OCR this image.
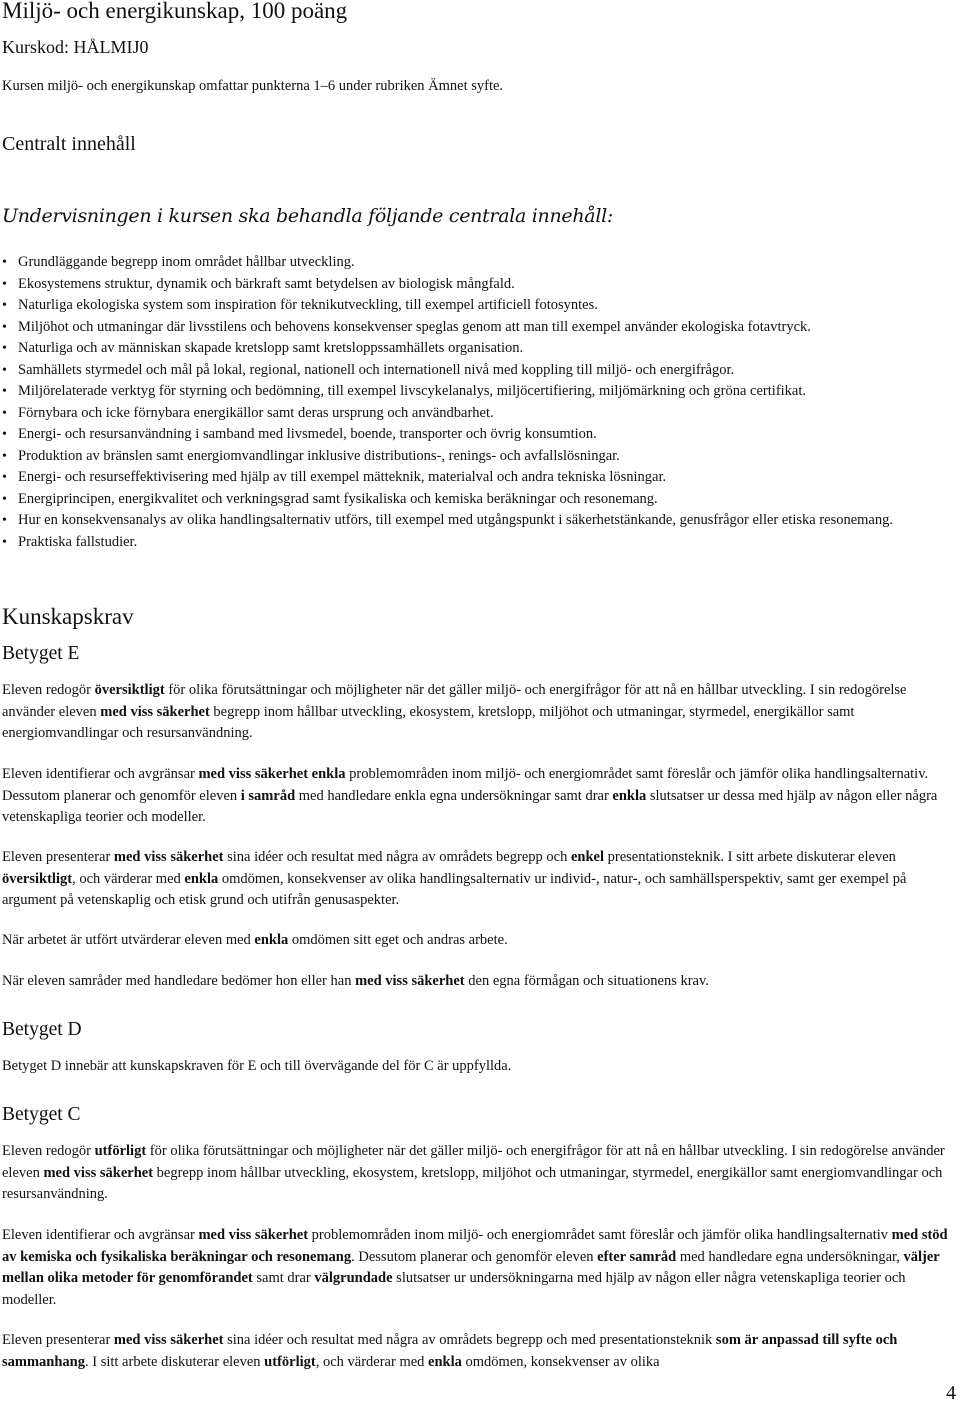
Miljö- och energikunskap, 100 poäng
Kurskod: HÅLMIJ0
Kursen miljö- och energikunskap omfattar punkterna 1–6 under rubriken Ämnet syfte.
Centralt innehåll
Undervisningen i kursen ska behandla följande centrala innehåll:
• Grundläggande begrepp inom området hållbar utveckling.
• Ekosystemens struktur, dynamik och bärkraft samt betydelsen av biologisk mångfald.
• Naturliga ekologiska system som inspiration för teknikutveckling, till exempel artificiell fotosyntes.
• Miljöhot och utmaningar där livsstilens och behovens konsekvenser speglas genom att man till exempel använder ekologiska fotavtryck.
• Naturliga och av människan skapade kretslopp samt kretsloppssamhällets organisation.
• Samhällets styrmedel och mål på lokal, regional, nationell och internationell nivå med koppling till miljö- och energifrågor.
• Miljörelaterade verktyg för styrning och bedömning, till exempel livscykelanalys, miljöcertifiering, miljömärkning och gröna certifikat.
• Förnybara och icke förnybara energikällor samt deras ursprung och användbarhet.
• Energi- och resursanvändning i samband med livsmedel, boende, transporter och övrig konsumtion.
• Produktion av bränslen samt energiomvandlingar inklusive distributions-, renings- och avfallslösningar.
• Energi- och resurseffektivisering med hjälp av till exempel mätteknik, materialval och andra tekniska lösningar.
• Energiprincipen, energikvalitet och verkningsgrad samt fysikaliska och kemiska beräkningar och resonemang.
• Hur en konsekvensanalys av olika handlingsalternativ utförs, till exempel med utgångspunkt i säkerhetstänkande, genusfrågor eller etiska resonemang.
• Praktiska fallstudier.
Kunskapskrav
Betyget E

Eleven redogör översiktligt för olika förutsättningar och möjligheter när det gäller miljö- och energifrågor för att nå en hållbar utveckling. I sin redogörelse använder eleven med viss säkerhet begrepp inom hållbar utveckling, ekosystem, kretslopp, miljöhot och utmaningar, styrmedel, energikällor samt energiomvandlingar och resursanvändning.

Eleven identifierar och avgränsar med viss säkerhet enkla problemområden inom miljö- och energiområdet samt föreslår och jämför olika handlingsalternativ. Dessutom planerar och genomför eleven i samråd med handledare enkla egna undersökningar samt drar enkla slutsatser ur dessa med hjälp av någon eller några vetenskapliga teorier och modeller.

Eleven presenterar med viss säkerhet sina idéer och resultat med några av områdets begrepp och enkel presentationsteknik. I sitt arbete diskuterar eleven översiktligt, och värderar med enkla omdömen, konsekvenser av olika handlingsalternativ ur individ-, natur-, och samhällsperspektiv, samt ger exempel på argument på vetenskaplig och etisk grund och utifrån genusaspekter.

När arbetet är utfört utvärderar eleven med enkla omdömen sitt eget och andras arbete.

När eleven samråder med handledare bedömer hon eller han med viss säkerhet den egna förmågan och situationens krav.

Betyget D

Betyget D innebär att kunskapskraven för E och till övervägande del för C är uppfyllda.

Betyget C

Eleven redogör utförligt för olika förutsättningar och möjligheter när det gäller miljö- och energifrågor för att nå en hållbar utveckling. I sin redogörelse använder eleven med viss säkerhet begrepp inom hållbar utveckling, ekosystem, kretslopp, miljöhot och utmaningar, styrmedel, energikällor samt energiomvandlingar och resursanvändning.

Eleven identifierar och avgränsar med viss säkerhet problemområden inom miljö- och energiområdet samt föreslår och jämför olika handlingsalternativ med stöd av kemiska och fysikaliska beräkningar och resonemang. Dessutom planerar och genomför eleven efter samråd med handledare egna undersökningar, väljer mellan olika metoder för genomförandet samt drar välgrundade slutsatser ur undersökningarna med hjälp av någon eller några vetenskapliga teorier och modeller.

Eleven presenterar med viss säkerhet sina idéer och resultat med några av områdets begrepp och med presentationsteknik som är anpassad till syfte och sammanhang. I sitt arbete diskuterar eleven utförligt, och värderar med enkla omdömen, konsekvenser av olika

4
